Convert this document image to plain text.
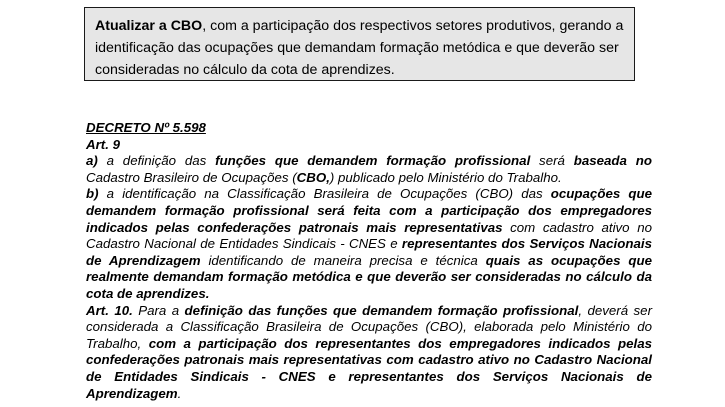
Atualizar a CBO, com a participação dos respectivos setores produtivos, gerando a identificação das ocupações que demandam formação metódica e que deverão ser consideradas no cálculo da cota de aprendizes.

DECRETO Nº 5.598

Art. 9

a) a definição das funções que demandem formação profissional será baseada no Cadastro Brasileiro de Ocupações (CBO,) publicado pelo Ministério do Trabalho.

b) a identificação na Classificação Brasileira de Ocupações (CBO) das ocupações que demandem formação profissional será feita com a participação dos empregadores indicados pelas confederações patronais mais representativas com cadastro ativo no Cadastro Nacional de Entidades Sindicais - CNES e representantes dos Serviços Nacionais de Aprendizagem identificando de maneira precisa e técnica quais as ocupações que realmente demandam formação metódica e que deverão ser consideradas no cálculo da cota de aprendizes.

Art. 10. Para a definição das funções que demandem formação profissional, deverá ser considerada a Classificação Brasileira de Ocupações (CBO), elaborada pelo Ministério do Trabalho, com a participação dos representantes dos empregadores indicados pelas confederações patronais mais representativas com cadastro ativo no Cadastro Nacional de Entidades Sindicais - CNES e representantes dos Serviços Nacionais de Aprendizagem.
